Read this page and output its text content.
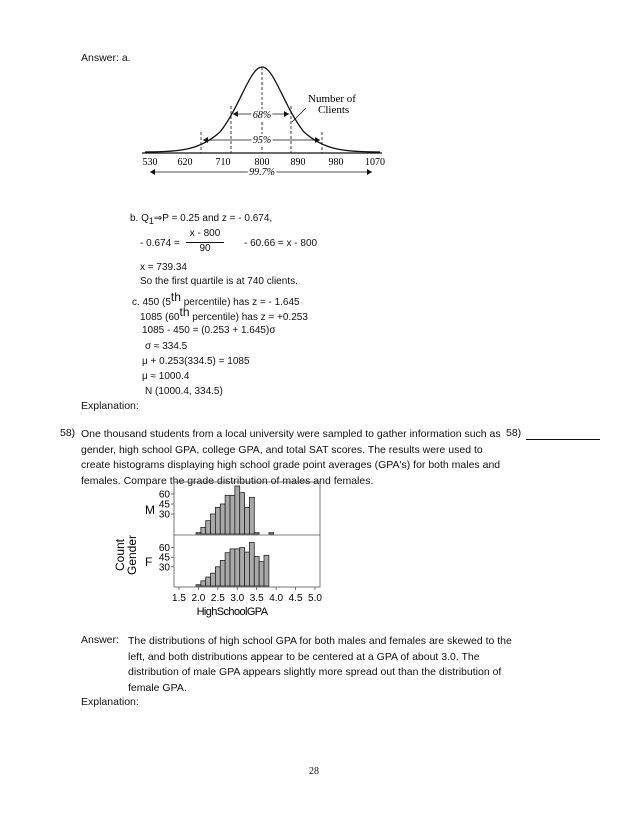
Answer: a.
68%
95%
530 620 710 800 890 980 1070
99.7%
Number of
Clients
b. Q1⇒P = 0.25 and z = - 0.674,
- 0.674 =
x - 800
90	- 60.66 = x - 800
x = 739.34
So the first quartile is at 740 clients.
c. 450 (5th percentile) has z = - 1.645
1085 (60th percentile) has z = +0.253
1085 - 450 = (0.253 + 1.645)σ
σ ≈ 334.5
μ + 0.253(334.5) = 1085
μ ≈ 1000.4
N (1000.4, 334.5)
Explanation:
58) One thousand students from a local university were sampled to gather information such as
gender, high school GPA, college GPA, and total SAT scores. The results were used to
create histograms displaying high school grade point averages (GPA's) for both males and
females. Compare the grade distribution of males and females.
58)
1.5 2.0 2.5 3.0 3.5 4.0 4.5 5.0
30
45
60
30
45
60
M
F
Count
Gender
HighSchoolGPA
Answer: The distributions of high school GPA for both males and females are skewed to the
left, and both distributions appear to be centered at a GPA of about 3.0. The
distribution of male GPA appears slightly more spread out than the distribution of
female GPA.
Explanation:
28
